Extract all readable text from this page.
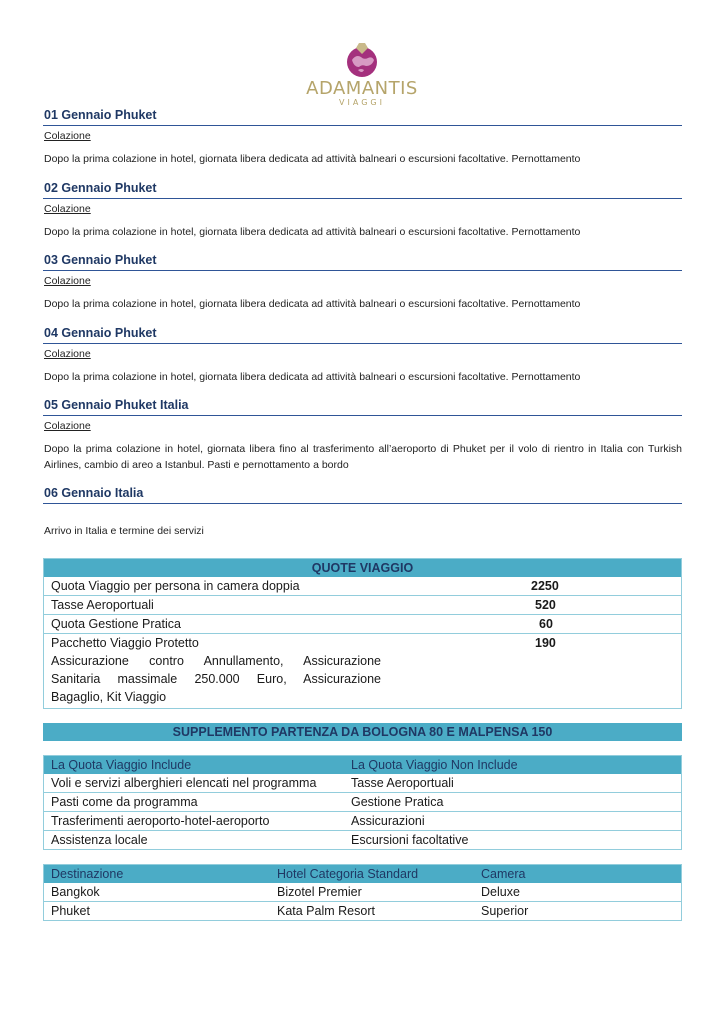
ADAMANTIS
VIAGGI
01 Gennaio Phuket
Colazione
Dopo la prima colazione in hotel, giornata libera dedicata ad attività balneari o escursioni facoltative. Pernottamento
02 Gennaio Phuket
Colazione
Dopo la prima colazione in hotel, giornata libera dedicata ad attività balneari o escursioni facoltative. Pernottamento
03 Gennaio Phuket
Colazione
Dopo la prima colazione in hotel, giornata libera dedicata ad attività balneari o escursioni facoltative. Pernottamento
04 Gennaio Phuket
Colazione
Dopo la prima colazione in hotel, giornata libera dedicata ad attività balneari o escursioni facoltative. Pernottamento
05 Gennaio Phuket Italia
Colazione
Dopo la prima colazione in hotel, giornata libera fino al trasferimento all’aeroporto di Phuket per il volo di rientro in Italia con Turkish Airlines, cambio di areo a Istanbul. Pasti e pernottamento a bordo
06 Gennaio Italia
Arrivo in Italia e termine dei servizi
QUOTE VIAGGIO	
Quota Viaggio per persona in camera doppia	2250
Tasse Aeroportuali	520
Quota Gestione Pratica	60
Pacchetto Viaggio Protetto	190

Assicurazione contro Annullamento, Assicurazione
Sanitaria massimale 250.000 Euro, Assicurazione
Bagaglio, Kit Viaggio	

SUPPLEMENTO PARTENZA DA BOLOGNA 80 E MALPENSA 150
La Quota Viaggio Include	La Quota Viaggio Non Include
Voli e servizi alberghieri elencati nel programma	Tasse Aeroportuali
Pasti come da programma	Gestione Pratica
Trasferimenti aeroporto-hotel-aeroporto	Assicurazioni
Assistenza locale	Escursioni facoltative
Destinazione	Hotel Categoria Standard	Camera
Bangkok	Bizotel Premier	Deluxe
Phuket	Kata Palm Resort	Superior
